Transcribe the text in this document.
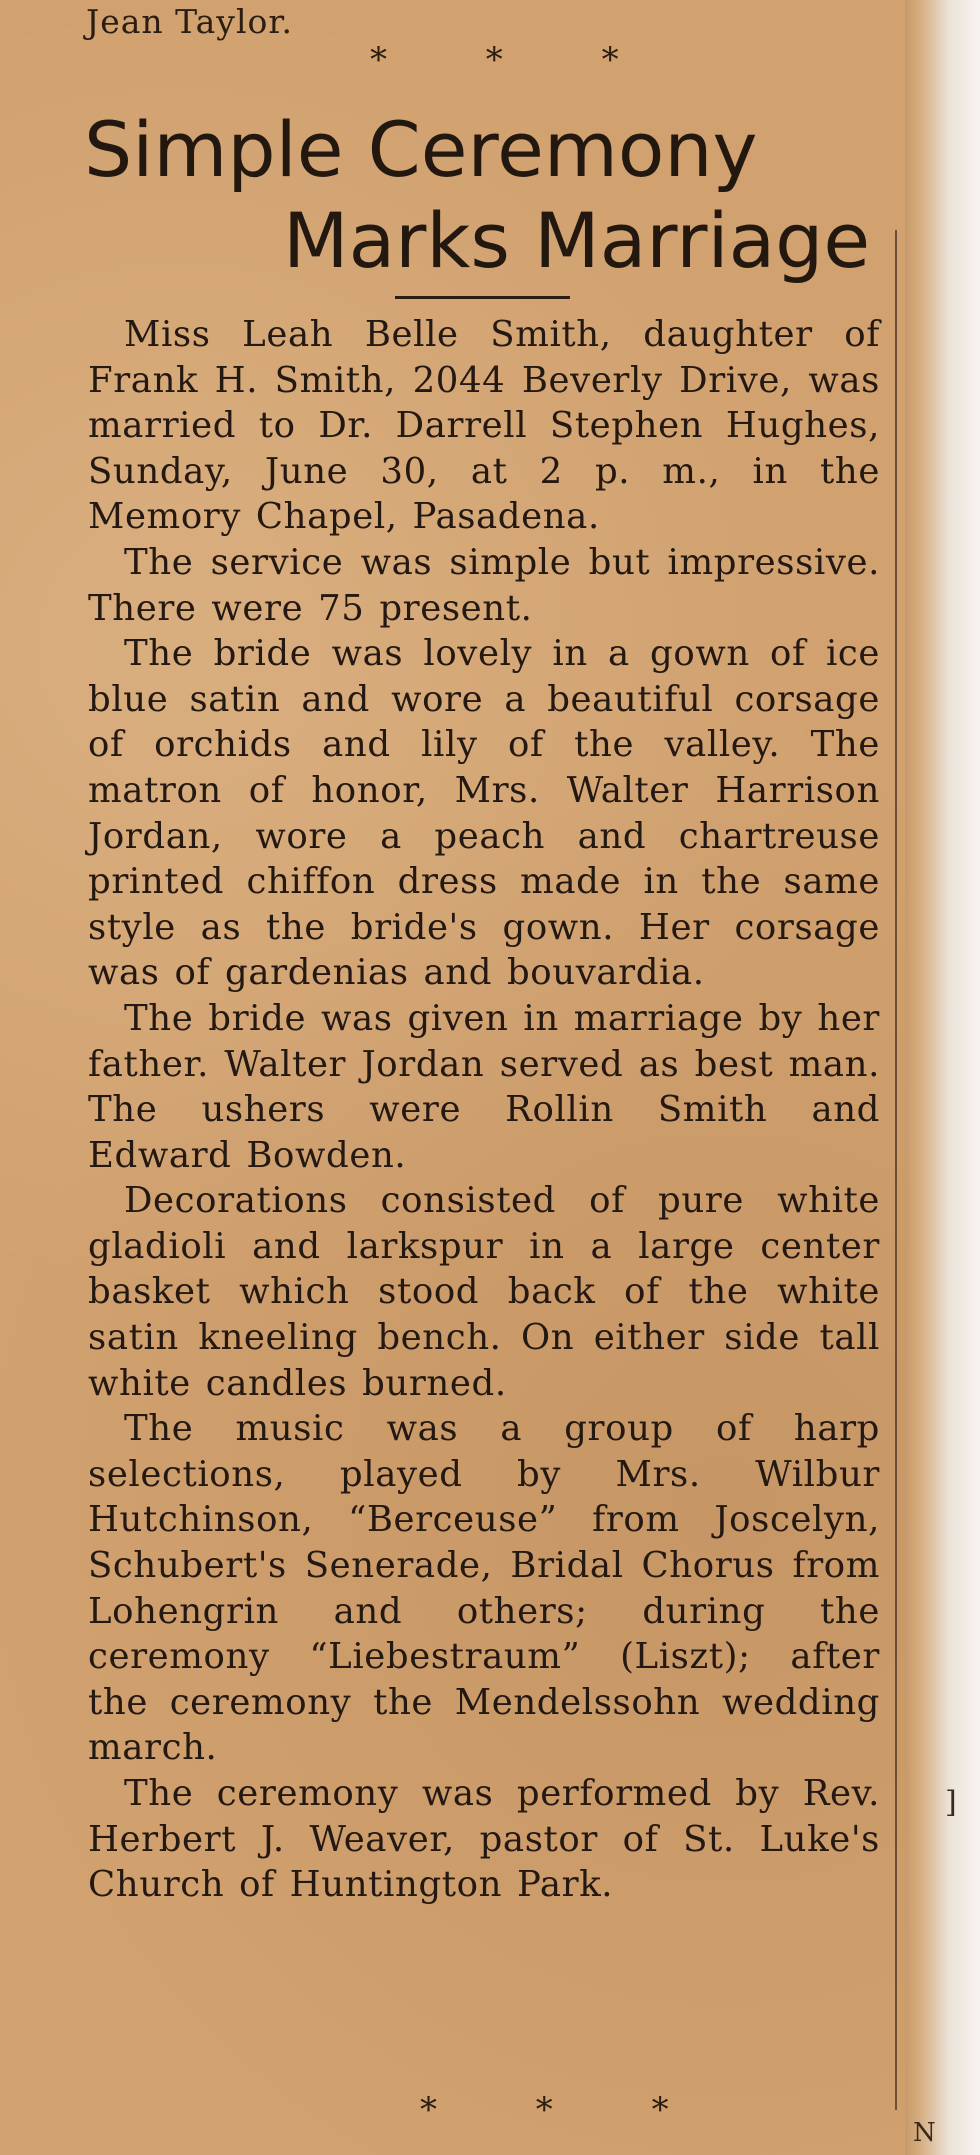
]
N
Jean Taylor.
* * *
Simple Ceremony
Marks Marriage

Miss Leah Belle Smith, daughter of Frank H. Smith, 2044 Beverly Drive, was married to Dr. Darrell Stephen Hughes, Sunday, June 30, at 2 p. m., in the Memory Chapel, Pasadena.

The service was simple but impressive. There were 75 present.

The bride was lovely in a gown of ice blue satin and wore a beautiful corsage of orchids and lily of the valley. The matron of honor, Mrs. Walter Harrison Jordan, wore a peach and chartreuse printed chiffon dress made in the same style as the bride's gown. Her corsage was of gardenias and bouvardia.

The bride was given in marriage by her father. Walter Jordan served as best man. The ushers were Rollin Smith and Edward Bowden.

Decorations consisted of pure white gladioli and larkspur in a large center basket which stood back of the white satin kneeling bench. On either side tall white candles burned.

The music was a group of harp selections, played by Mrs. Wilbur Hutchinson, “Berceuse” from Joscelyn, Schubert's Senerade, Bridal Chorus from Lohengrin and others; during the ceremony “Liebestraum” (Liszt); after the ceremony the Mendelssohn wedding march.

The ceremony was performed by Rev. Herbert J. Weaver, pastor of St. Luke's Church of Huntington Park.

* * *
